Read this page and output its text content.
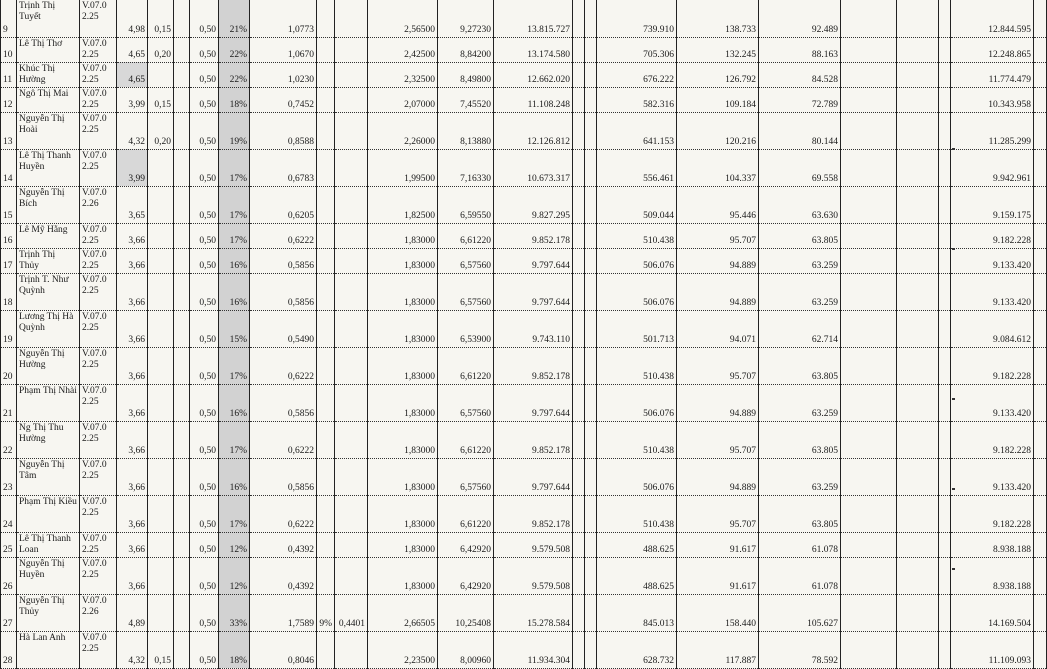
9	Trịnh Thị Tuyết	V.07.0 2.25	4,98	0,15		0,50	21%	1,0773			2,56500	9,27230	13.815.727			739.910	138.733	92.489				12.844.595	
10	Lê Thị Thơ	V.07.0 2.25	4,65	0,20		0,50	22%	1,0670			2,42500	8,84200	13.174.580			705.306	132.245	88.163				12.248.865	
11	Khúc Thị Hường	V.07.0 2.25	4,65			0,50	22%	1,0230			2,32500	8,49800	12.662.020			676.222	126.792	84.528				11.774.479	
12	Ngô Thị Mai	V.07.0 2.25	3,99	0,15		0,50	18%	0,7452			2,07000	7,45520	11.108.248			582.316	109.184	72.789				10.343.958	
13	Nguyễn Thị Hoài	V.07.0 2.25	4,32	0,20		0,50	19%	0,8588			2,26000	8,13880	12.126.812			641.153	120.216	80.144				11.285.299	
14	Lê Thị Thanh Huyền	V.07.0 2.25	3,99			0,50	17%	0,6783			1,99500	7,16330	10.673.317			556.461	104.337	69.558				9.942.961	
15	Nguyễn Thị Bích	V.07.0 2.26	3,65			0,50	17%	0,6205			1,82500	6,59550	9.827.295			509.044	95.446	63.630				9.159.175	
16	Lê Mỹ Hằng	V.07.0 2.25	3,66			0,50	17%	0,6222			1,83000	6,61220	9.852.178			510.438	95.707	63.805				9.182.228	
17	Trịnh Thị Thủy	V.07.0 2.25	3,66			0,50	16%	0,5856			1,83000	6,57560	9.797.644			506.076	94.889	63.259				9.133.420	
18	Trịnh T. Như Quỳnh	V.07.0 2.25	3,66			0,50	16%	0,5856			1,83000	6,57560	9.797.644			506.076	94.889	63.259				9.133.420	
19	Lương Thị Hà Quỳnh	V.07.0 2.25	3,66			0,50	15%	0,5490			1,83000	6,53900	9.743.110			501.713	94.071	62.714				9.084.612	
20	Nguyễn Thị Hường	V.07.0 2.25	3,66			0,50	17%	0,6222			1,83000	6,61220	9.852.178			510.438	95.707	63.805				9.182.228	
21	Phạm Thị Nhài	V.07.0 2.25	3,66			0,50	16%	0,5856			1,83000	6,57560	9.797.644			506.076	94.889	63.259				9.133.420	
22	Ng Thị Thu Hường	V.07.0 2.25	3,66			0,50	17%	0,6222			1,83000	6,61220	9.852.178			510.438	95.707	63.805				9.182.228	
23	Nguyễn Thị Tâm	V.07.0 2.25	3,66			0,50	16%	0,5856			1,83000	6,57560	9.797.644			506.076	94.889	63.259				9.133.420	
24	Phạm Thị Kiều	V.07.0 2.25	3,66			0,50	17%	0,6222			1,83000	6,61220	9.852.178			510.438	95.707	63.805				9.182.228	
25	Lê Thị Thanh Loan	V.07.0 2.25	3,66			0,50	12%	0,4392			1,83000	6,42920	9.579.508			488.625	91.617	61.078				8.938.188	
26	Nguyễn Thị Huyền	V.07.0 2.25	3,66			0,50	12%	0,4392			1,83000	6,42920	9.579.508			488.625	91.617	61.078				8.938.188	
27	Nguyễn Thị Thủy	V.07.0 2.26	4,89			0,50	33%	1,7589	9%	0,4401	2,66505	10,25408	15.278.584			845.013	158.440	105.627				14.169.504	
28	Hà Lan Anh	V.07.0 2.25	4,32	0,15		0,50	18%	0,8046			2,23500	8,00960	11.934.304			628.732	117.887	78.592				11.109.093	
